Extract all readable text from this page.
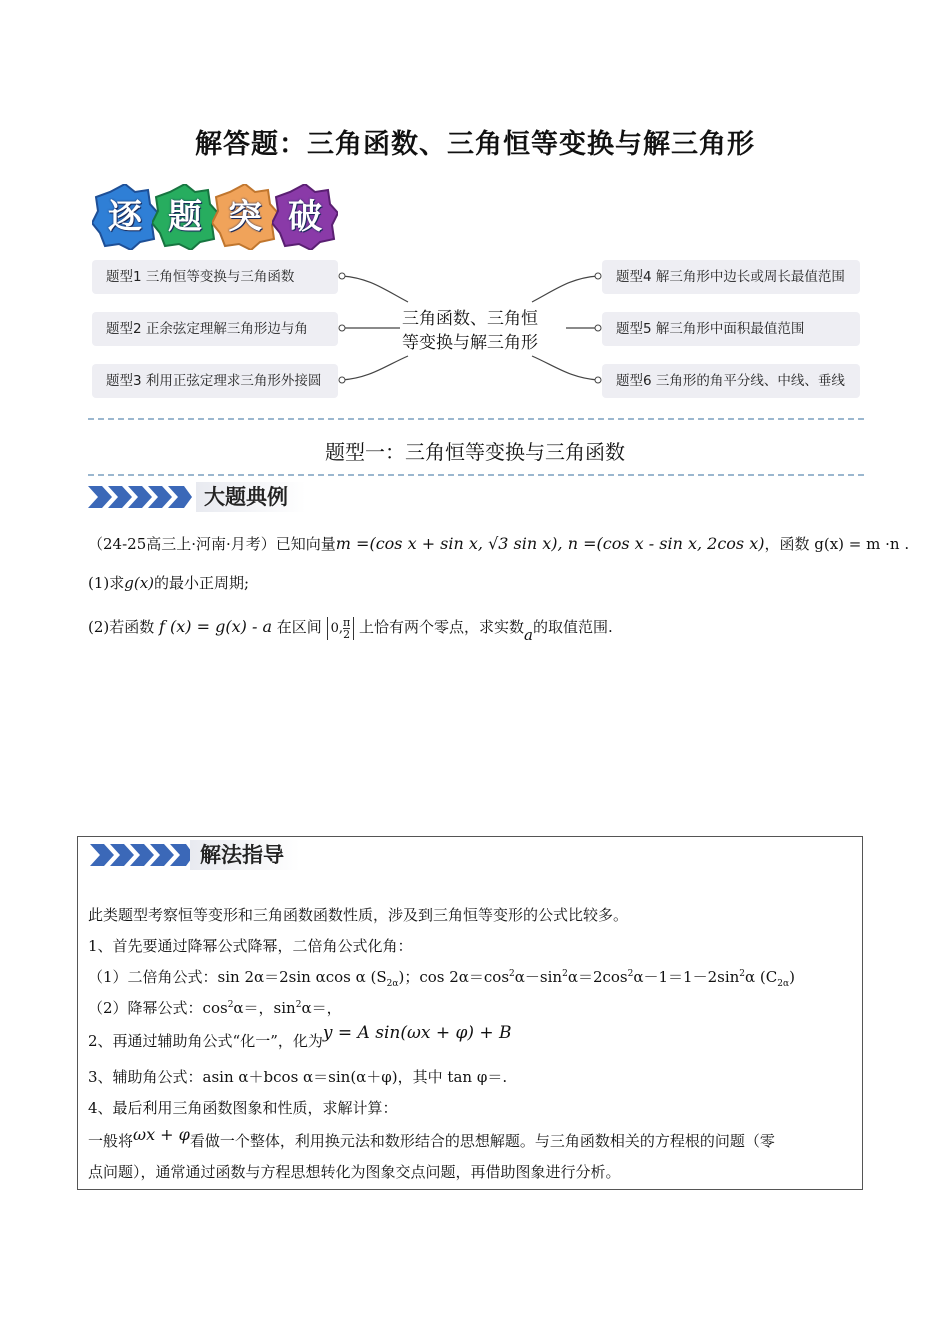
解答题：三角函数、三角恒等变换与解三角形
逐 题 突 破
题型1 三角恒等变换与三角函数
题型2 正余弦定理解三角形边与角
题型3 利用正弦定理求三角形外接圆
题型4 解三角形中边长或周长最值范围
题型5 解三角形中面积最值范围
题型6 三角形的角平分线、中线、垂线
三角函数、三角恒
等变换与解三角形
题型一：三角恒等变换与三角函数
大题典例
（24-25高三上·河南·月考）已知向量m =(cos x + sin x, √3 sin x), n =(cos x - sin x, 2cos x)，函数 g(x) = m ·n .
(1)求g(x)的最小正周期;
(2)若函数 f (x) = g(x) - a 在区间 0, $\frac{\pi}{2}$ 上恰有两个零点，求实数a的取值范围.
解法指导
此类题型考察恒等变形和三角函数函数性质，涉及到三角恒等变形的公式比较多。
1、首先要通过降幂公式降幂，二倍角公式化角：
（1）二倍角公式：sin 2α＝2sin αcos α $(S_{2\alpha})$；$\cos 2\alpha=\cos^2\alpha-\sin^2\alpha=2\cos^2\alpha-1=1-2\sin^2\alpha$ $(C_{2\alpha})$
（2）降幂公式：$\cos^2\alpha=$，$\sin^2\alpha=$，
2、再通过辅助角公式“化一”，化为y = A sin(ωx + φ) + B
3、辅助角公式：asin α＋bcos α＝sin(α＋φ)，其中 tan φ＝.
4、最后利用三角函数图象和性质，求解计算：
一般将ωx + φ看做一个整体，利用换元法和数形结合的思想解题。与三角函数相关的方程根的问题（零
点问题），通常通过函数与方程思想转化为图象交点问题，再借助图象进行分析。
